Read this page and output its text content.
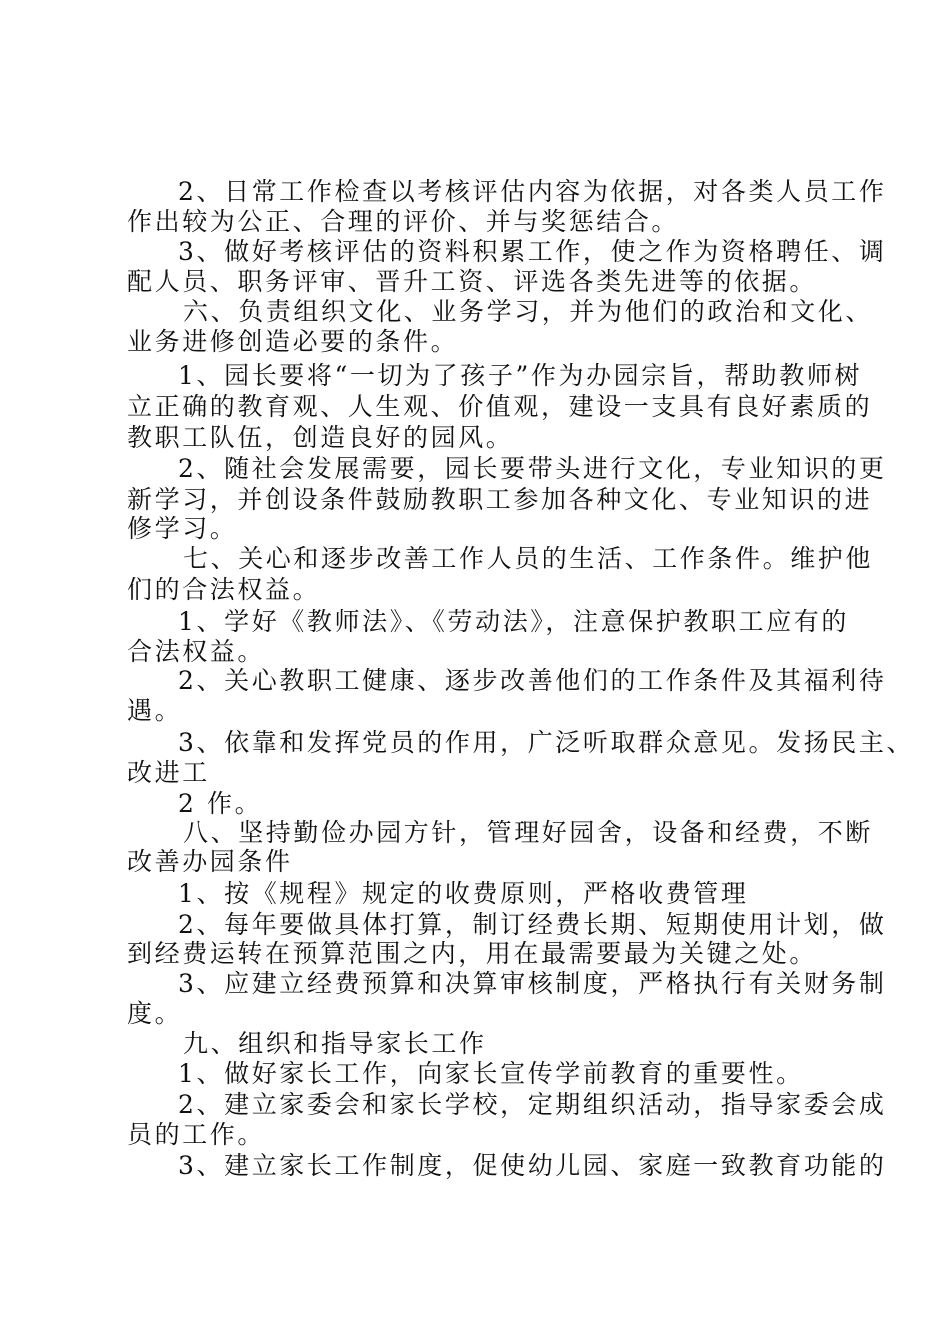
2、日常工作检查以考核评估内容为依据，对各类人员工作
作出较为公正、合理的评价、并与奖惩结合。
3、做好考核评估的资料积累工作，使之作为资格聘任、调
配人员、职务评审、晋升工资、评选各类先进等的依据。
六、负责组织文化、业务学习，并为他们的政治和文化、
业务进修创造必要的条件。
1、园长要将“一切为了孩子”作为办园宗旨，帮助教师树
立正确的教育观、人生观、价值观，建设一支具有良好素质的
教职工队伍，创造良好的园风。
2、随社会发展需要，园长要带头进行文化，专业知识的更
新学习，并创设条件鼓励教职工参加各种文化、专业知识的进
修学习。
七、关心和逐步改善工作人员的生活、工作条件。维护他
们的合法权益。
1、学好《教师法》、《劳动法》，注意保护教职工应有的
合法权益。
2、关心教职工健康、逐步改善他们的工作条件及其福利待
遇。
3、依靠和发挥党员的作用，广泛听取群众意见。发扬民主、
改进工
2 作。
八、坚持勤俭办园方针，管理好园舍，设备和经费，不断
改善办园条件
1、按《规程》规定的收费原则，严格收费管理
2、每年要做具体打算，制订经费长期、短期使用计划，做
到经费运转在预算范围之内，用在最需要最为关键之处。
3、应建立经费预算和决算审核制度，严格执行有关财务制
度。
九、组织和指导家长工作
1、做好家长工作，向家长宣传学前教育的重要性。
2、建立家委会和家长学校，定期组织活动，指导家委会成
员的工作。
3、建立家长工作制度，促使幼儿园、家庭一致教育功能的
